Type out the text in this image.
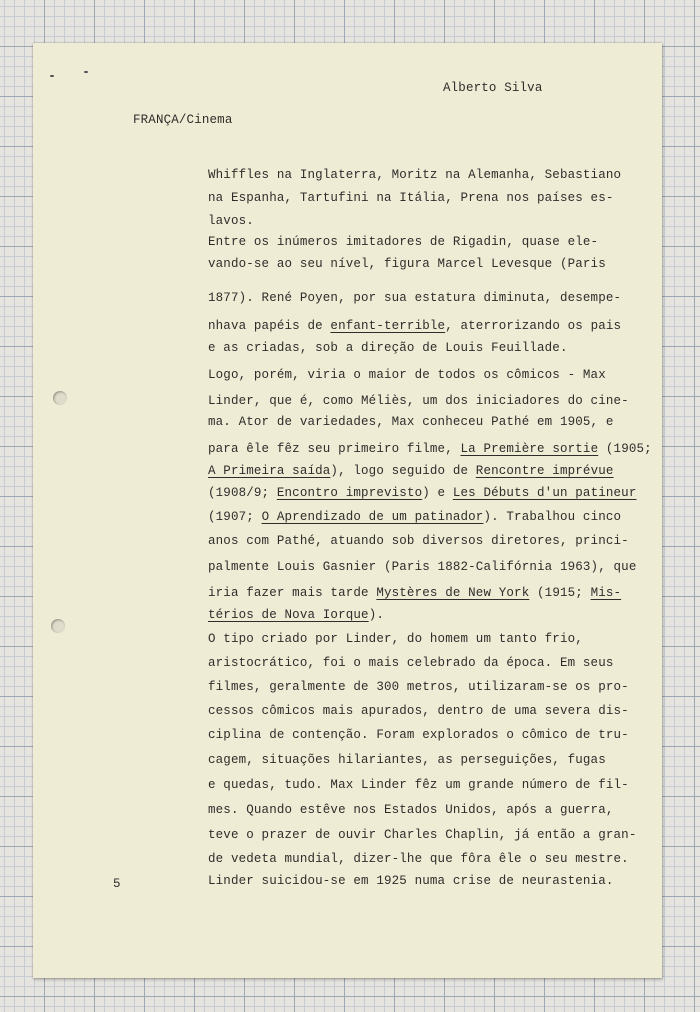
Alberto Silva
FRANÇA/Cinema
Whiffles na Inglaterra, Moritz na Alemanha, Sebastiano
na Espanha, Tartufini na Itália, Prena nos países es-
lavos.
Entre os inúmeros imitadores de Rigadin, quase ele-
vando-se ao seu nível, figura Marcel Levesque (Paris
1877). René Poyen, por sua estatura diminuta, desempe-
nhava papéis de enfant-terrible, aterrorizando os pais
e as criadas, sob a direção de Louis Feuillade.
Logo, porém, viria o maior de todos os cômicos - Max
Linder, que é, como Méliès, um dos iniciadores do cine-
ma. Ator de variedades, Max conheceu Pathé em 1905, e
para êle fêz seu primeiro filme, La Première sortie (1905;
A Primeira saída), logo seguido de Rencontre imprévue
(1908/9; Encontro imprevisto) e Les Débuts d'un patineur
(1907; O Aprendizado de um patinador). Trabalhou cinco
anos com Pathé, atuando sob diversos diretores, princi-
palmente Louis Gasnier (Paris 1882-Califórnia 1963), que
iria fazer mais tarde Mystères de New York (1915; Mis-
térios de Nova Iorque).
O tipo criado por Linder, do homem um tanto frio,
aristocrático, foi o mais celebrado da época. Em seus
filmes, geralmente de 300 metros, utilizaram-se os pro-
cessos cômicos mais apurados, dentro de uma severa dis-
ciplina de contenção. Foram explorados o cômico de tru-
cagem, situações hilariantes, as perseguições, fugas
e quedas, tudo. Max Linder fêz um grande número de fil-
mes. Quando estêve nos Estados Unidos, após a guerra,
teve o prazer de ouvir Charles Chaplin, já então a gran-
de vedeta mundial, dizer-lhe que fôra êle o seu mestre.
Linder suicidou-se em 1925 numa crise de neurastenia.
5
